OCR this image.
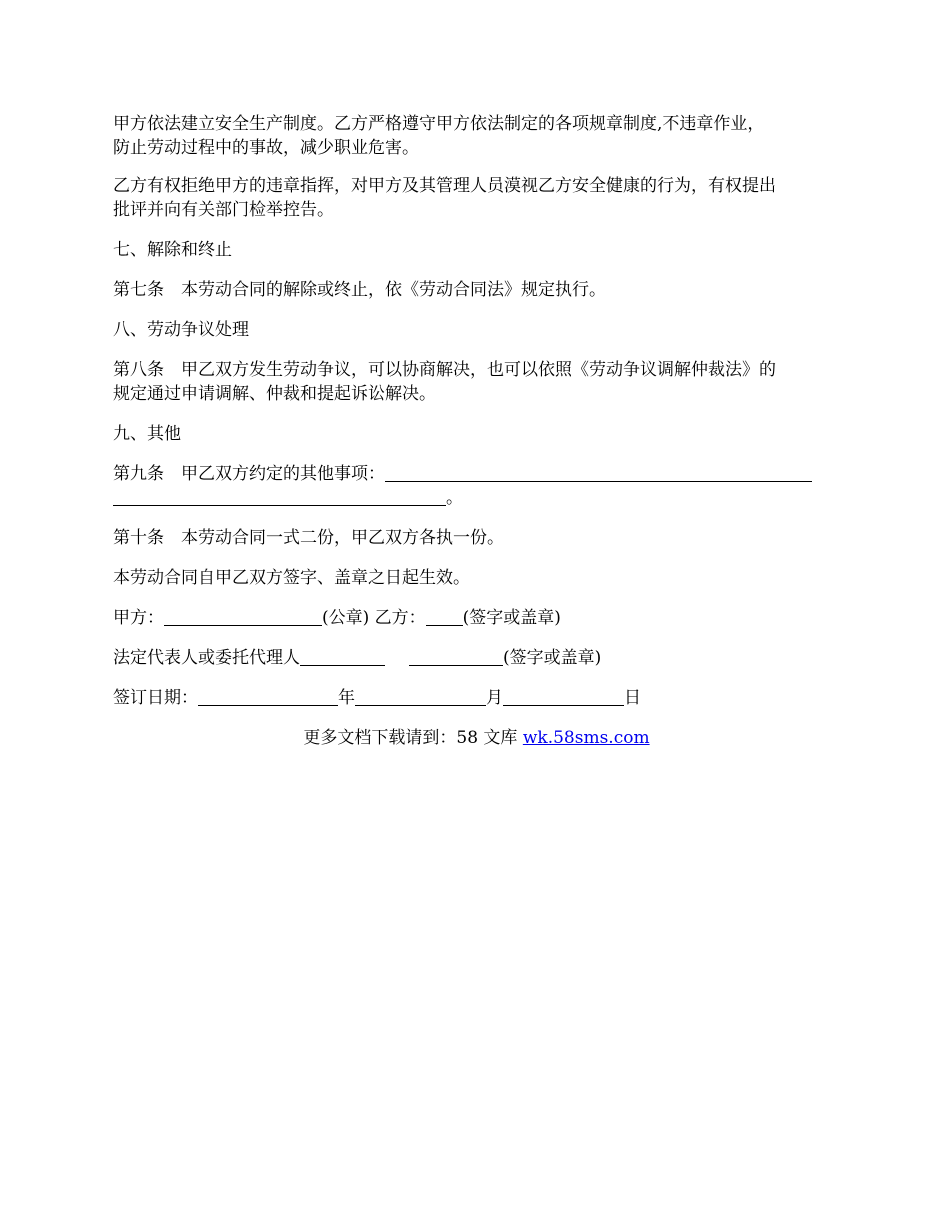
甲方依法建立安全生产制度。乙方严格遵守甲方依法制定的各项规章制度,不违章作业，
防止劳动过程中的事故，减少职业危害。
乙方有权拒绝甲方的违章指挥，对甲方及其管理人员漠视乙方安全健康的行为，有权提出
批评并向有关部门检举控告。
七、解除和终止
第七条　本劳动合同的解除或终止，依《劳动合同法》规定执行。
八、劳动争议处理
第八条　甲乙双方发生劳动争议，可以协商解决，也可以依照《劳动争议调解仲裁法》的
规定通过申请调解、仲裁和提起诉讼解决。
九、其他
第九条　甲乙双方约定的其他事项：
。
第十条　本劳动合同一式二份，甲乙双方各执一份。
本劳动合同自甲乙双方签字、盖章之日起生效。
甲方：	(公章) 乙方： (签字或盖章)
法定代表人或委托代理人	(签字或盖章)
签订日期：	年	月	日
更多文档下载请到：58 文库 wk.58sms.com
